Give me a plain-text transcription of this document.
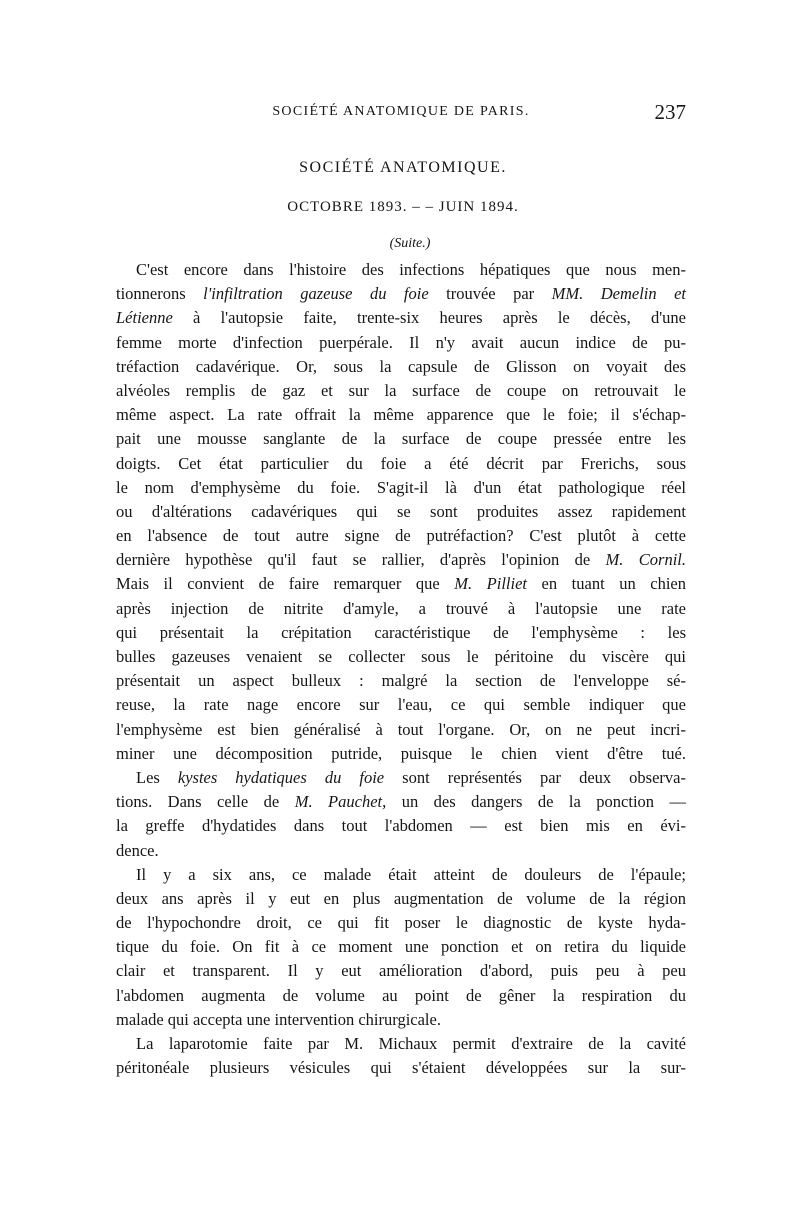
SOCIÉTÉ ANATOMIQUE DE PARIS.	237
SOCIÉTÉ ANATOMIQUE.
OCTOBRE 1893. – – JUIN 1894.
(Suite.)
C'est encore dans l'histoire des infections hépatiques que nous men-
tionnerons l'infiltration gazeuse du foie trouvée par MM. Demelin et
Létienne à l'autopsie faite, trente-six heures après le décès, d'une
femme morte d'infection puerpérale. Il n'y avait aucun indice de pu-
tréfaction cadavérique. Or, sous la capsule de Glisson on voyait des
alvéoles remplis de gaz et sur la surface de coupe on retrouvait le
même aspect. La rate offrait la même apparence que le foie; il s'échap-
pait une mousse sanglante de la surface de coupe pressée entre les
doigts. Cet état particulier du foie a été décrit par Frerichs, sous
le nom d'emphysème du foie. S'agit-il là d'un état pathologique réel
ou d'altérations cadavériques qui se sont produites assez rapidement
en l'absence de tout autre signe de putréfaction? C'est plutôt à cette
dernière hypothèse qu'il faut se rallier, d'après l'opinion de M. Cornil.
Mais il convient de faire remarquer que M. Pilliet en tuant un chien
après injection de nitrite d'amyle, a trouvé à l'autopsie une rate
qui présentait la crépitation caractéristique de l'emphysème : les
bulles gazeuses venaient se collecter sous le péritoine du viscère qui
présentait un aspect bulleux : malgré la section de l'enveloppe sé-
reuse, la rate nage encore sur l'eau, ce qui semble indiquer que
l'emphysème est bien généralisé à tout l'organe. Or, on ne peut incri-
miner une décomposition putride, puisque le chien vient d'être tué.
Les kystes hydatiques du foie sont représentés par deux observa-
tions. Dans celle de M. Pauchet, un des dangers de la ponction —
la greffe d'hydatides dans tout l'abdomen — est bien mis en évi-
dence.
Il y a six ans, ce malade était atteint de douleurs de l'épaule;
deux ans après il y eut en plus augmentation de volume de la région
de l'hypochondre droit, ce qui fit poser le diagnostic de kyste hyda-
tique du foie. On fit à ce moment une ponction et on retira du liquide
clair et transparent. Il y eut amélioration d'abord, puis peu à peu
l'abdomen augmenta de volume au point de gêner la respiration du
malade qui accepta une intervention chirurgicale.
La laparotomie faite par M. Michaux permit d'extraire de la cavité
péritonéale plusieurs vésicules qui s'étaient développées sur la sur-
